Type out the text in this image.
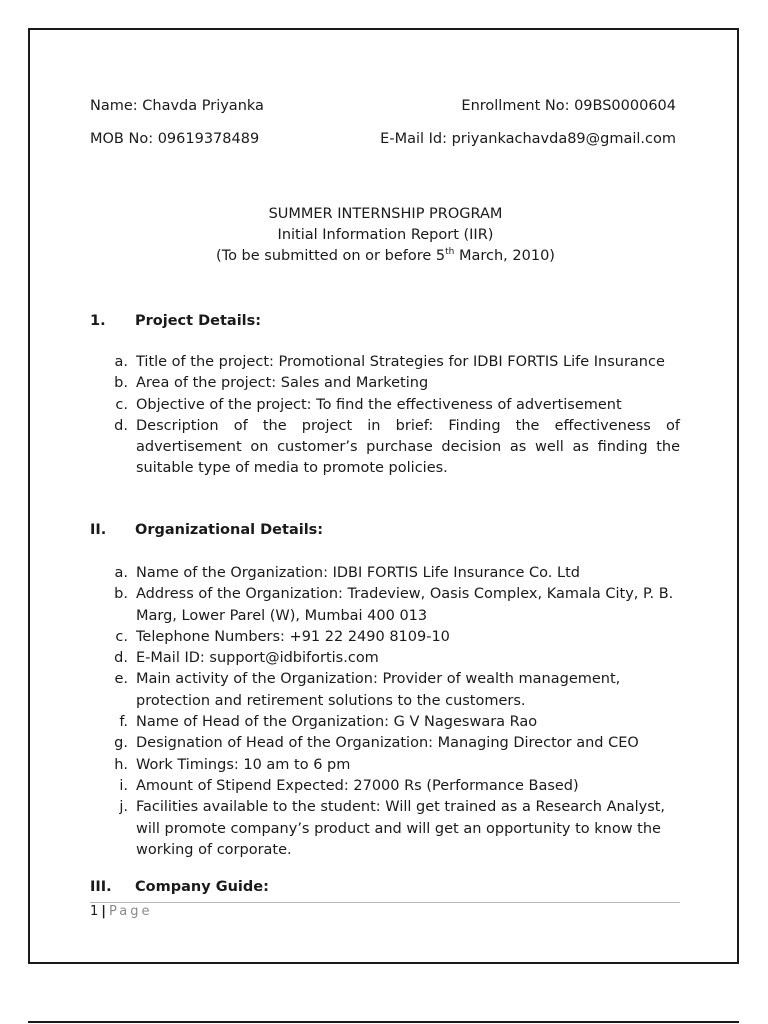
Name: Chavda Priyanka	Enrollment No: 09BS0000604
MOB No: 09619378489	E-Mail Id: priyankachavda89@gmail.com
SUMMER INTERNSHIP PROGRAM
Initial Information Report (IIR)
(To be submitted on or before 5th March, 2010)
1. Project Details:
a. Title of the project: Promotional Strategies for IDBI FORTIS Life Insurance
b. Area of the project: Sales and Marketing
c. Objective of the project: To find the effectiveness of advertisement
d. Description of the project in brief: Finding the effectiveness of advertisement on customer’s purchase decision as well as finding the suitable type of media to promote policies.
II. Organizational Details:
a. Name of the Organization: IDBI FORTIS Life Insurance Co. Ltd
b. Address of the Organization: Tradeview, Oasis Complex, Kamala City, P. B. Marg, Lower Parel (W), Mumbai 400 013
c. Telephone Numbers: +91 22 2490 8109-10
d. E-Mail ID: support@idbifortis.com
e. Main activity of the Organization: Provider of wealth management, protection and retirement solutions to the customers.
f. Name of Head of the Organization: G V Nageswara Rao
g. Designation of Head of the Organization: Managing Director and CEO
h. Work Timings: 10 am to 6 pm
i. Amount of Stipend Expected: 27000 Rs (Performance Based)
j. Facilities available to the student: Will get trained as a Research Analyst, will promote company’s product and will get an opportunity to know the working of corporate.
III. Company Guide:
1 | Page
